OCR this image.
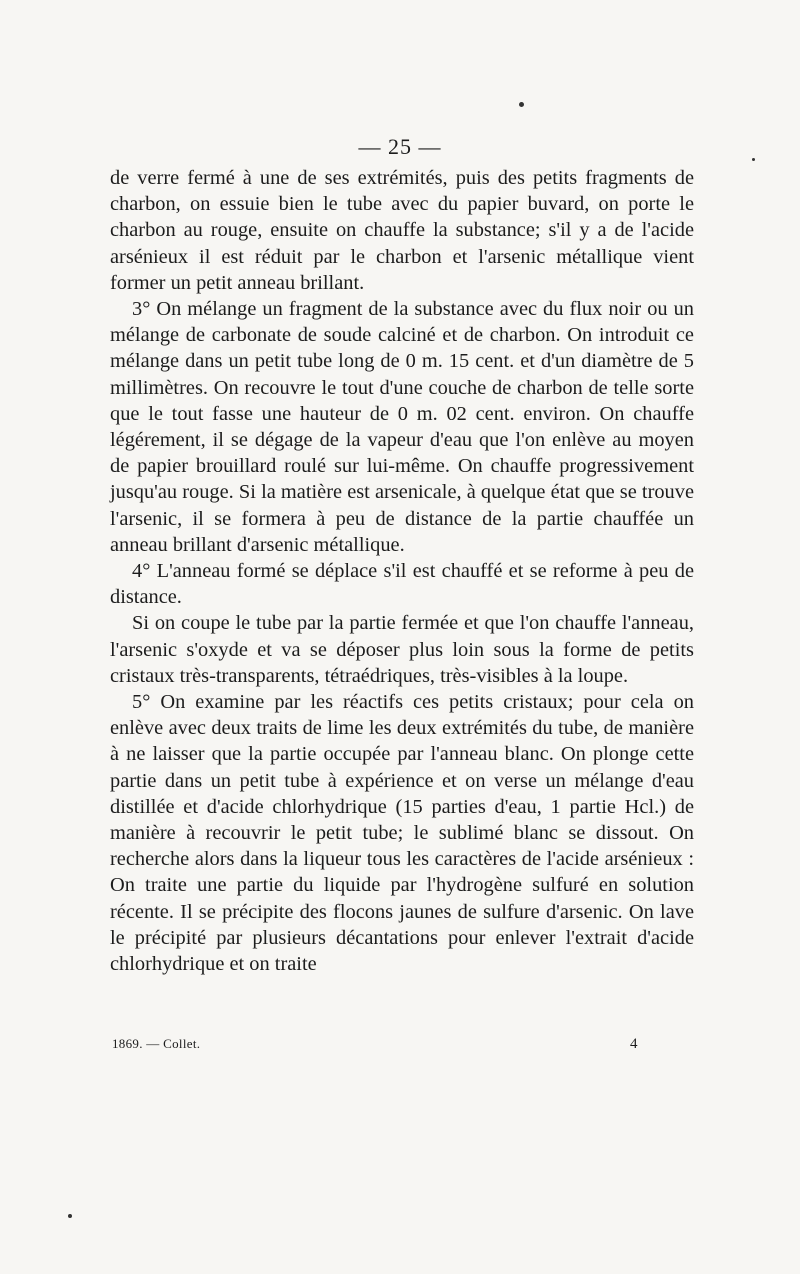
— 25 —

de verre fermé à une de ses extrémités, puis des petits fragments de charbon, on essuie bien le tube avec du papier buvard, on porte le charbon au rouge, ensuite on chauffe la substance; s'il y a de l'acide arsénieux il est réduit par le charbon et l'arsenic métallique vient former un petit anneau brillant.

3° On mélange un fragment de la substance avec du flux noir ou un mélange de carbonate de soude calciné et de charbon. On introduit ce mélange dans un petit tube long de 0 m. 15 cent. et d'un diamètre de 5 millimètres. On recouvre le tout d'une couche de charbon de telle sorte que le tout fasse une hauteur de 0 m. 02 cent. environ. On chauffe légérement, il se dégage de la vapeur d'eau que l'on enlève au moyen de papier brouillard roulé sur lui-même. On chauffe progressivement jusqu'au rouge. Si la matière est arsenicale, à quelque état que se trouve l'arsenic, il se formera à peu de distance de la partie chauffée un anneau brillant d'arsenic métallique.

4° L'anneau formé se déplace s'il est chauffé et se reforme à peu de distance.

Si on coupe le tube par la partie fermée et que l'on chauffe l'anneau, l'arsenic s'oxyde et va se déposer plus loin sous la forme de petits cristaux très-transparents, tétraédriques, très-visibles à la loupe.

5° On examine par les réactifs ces petits cristaux; pour cela on enlève avec deux traits de lime les deux extrémités du tube, de manière à ne laisser que la partie occupée par l'anneau blanc. On plonge cette partie dans un petit tube à expérience et on verse un mélange d'eau distillée et d'acide chlorhydrique (15 parties d'eau, 1 partie Hcl.) de manière à recouvrir le petit tube; le sublimé blanc se dissout. On recherche alors dans la liqueur tous les caractères de l'acide arsénieux : On traite une partie du liquide par l'hydrogène sulfuré en solution récente. Il se précipite des flocons jaunes de sulfure d'arsenic. On lave le précipité par plusieurs décantations pour enlever l'extrait d'acide chlorhydrique et on traite

1869. — Collet.	4
